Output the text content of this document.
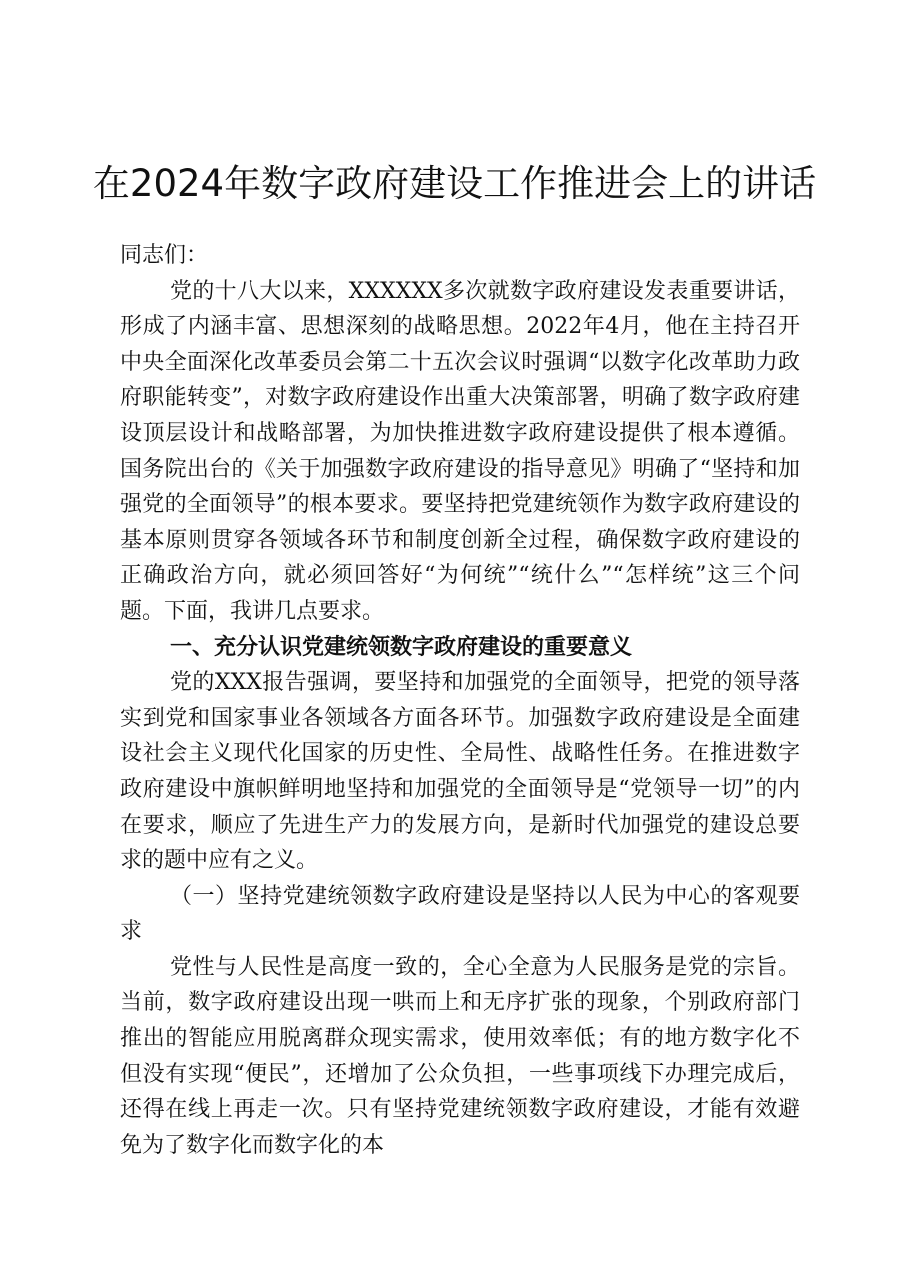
在2024年数字政府建设工作推进会上的讲话

同志们：

党的十八大以来，XXXXXX多次就数字政府建设发表重要讲话，形成了内涵丰富、思想深刻的战略思想。2022年4月，他在主持召开中央全面深化改革委员会第二十五次会议时强调“以数字化改革助力政府职能转变”，对数字政府建设作出重大决策部署，明确了数字政府建设顶层设计和战略部署，为加快推进数字政府建设提供了根本遵循。国务院出台的《关于加强数字政府建设的指导意见》明确了“坚持和加强党的全面领导”的根本要求。要坚持把党建统领作为数字政府建设的基本原则贯穿各领域各环节和制度创新全过程，确保数字政府建设的正确政治方向，就必须回答好“为何统”“统什么”“怎样统”这三个问题。下面，我讲几点要求。

一、充分认识党建统领数字政府建设的重要意义

党的XXX报告强调，要坚持和加强党的全面领导，把党的领导落实到党和国家事业各领域各方面各环节。加强数字政府建设是全面建设社会主义现代化国家的历史性、全局性、战略性任务。在推进数字政府建设中旗帜鲜明地坚持和加强党的全面领导是“党领导一切”的内在要求，顺应了先进生产力的发展方向，是新时代加强党的建设总要求的题中应有之义。

（一）坚持党建统领数字政府建设是坚持以人民为中心的客观要求

党性与人民性是高度一致的，全心全意为人民服务是党的宗旨。当前，数字政府建设出现一哄而上和无序扩张的现象，个别政府部门推出的智能应用脱离群众现实需求，使用效率低；有的地方数字化不但没有实现“便民”，还增加了公众负担，一些事项线下办理完成后，还得在线上再走一次。只有坚持党建统领数字政府建设，才能有效避免为了数字化而数字化的本
